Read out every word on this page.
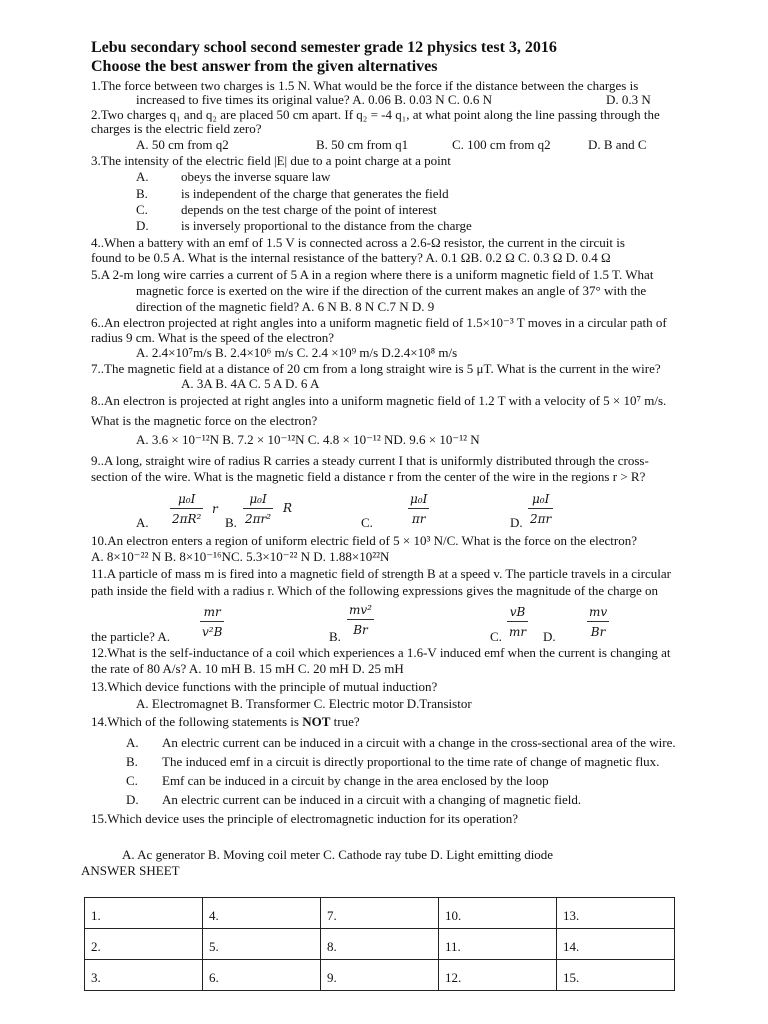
Lebu secondary school second semester grade 12 physics test 3, 2016
Choose the best answer from the given alternatives
1.The force between two charges is 1.5 N. What would be the force if the distance between the charges is
increased to five times its original value? A. 0.06 B. 0.03 N C. 0.6 N	D. 0.3 N
2.Two charges q₁ and q₂ are placed 50 cm apart. If q₂ = -4 q₁, at what point along the line passing through the
charges is the electric field zero?
A. 50 cm from q2	B. 50 cm from q1	C. 100 cm from q2	D. B and C
3.The intensity of the electric field |E| due to a point charge at a point
A. obeys the inverse square law
B.	is independent of the charge that generates the field
C.	depends on the test charge of the point of interest
D. is inversely proportional to the distance from the charge
4..When a battery with an emf of 1.5 V is connected across a 2.6-Ω resistor, the current in the circuit is
found to be 0.5 A. What is the internal resistance of the battery? A. 0.1 ΩB. 0.2 Ω C. 0.3 Ω D. 0.4 Ω
5.A 2-m long wire carries a current of 5 A in a region where there is a uniform magnetic field of 1.5 T. What
magnetic force is exerted on the wire if the direction of the current makes an angle of 37° with the
direction of the magnetic field? A. 6 N B. 8 N C.7 N D. 9
6..An electron projected at right angles into a uniform magnetic field of 1.5×10⁻³ T moves in a circular path of
radius 9 cm. What is the speed of the electron?
A. 2.4×10⁷m/s B. 2.4×10⁶ m/s C. 2.4 ×10⁹ m/s D.2.4×10⁸ m/s
7..The magnetic field at a distance of 20 cm from a long straight wire is 5 μT. What is the current in the wire?
A. 3A B. 4A C. 5 A D. 6 A
8..An electron is projected at right angles into a uniform magnetic field of 1.2 T with a velocity of 5 × 10⁷ m/s.
What is the magnetic force on the electron?
A. 3.6 × 10⁻¹²N B. 7.2 × 10⁻¹²N C. 4.8 × 10⁻¹² ND. 9.6 × 10⁻¹² N
9..A long, straight wire of radius R carries a steady current I that is uniformly distributed through the cross-
section of the wire. What is the magnetic field a distance r from the center of the wire in the regions r > R?
A.
μ₀I
2πR²
r
B.
μ₀I
2πr²
R
C.
μ₀I
πr	D.
μ₀I
2πr
10.An electron enters a region of uniform electric field of 5 × 10³ N/C. What is the force on the electron?
A. 8×10⁻²² N B. 8×10⁻¹⁶NC. 5.3×10⁻²² N D. 1.88×10²²N
11.A particle of mass m is fired into a magnetic field of strength B at a speed v. The particle travels in a circular
path inside the field with a radius r. Which of the following expressions gives the magnitude of the charge on
the particle? A.
mr
v²B	B.
mv²
Br	C.
vB
mr D.
mv
Br
12.What is the self-inductance of a coil which experiences a 1.6-V induced emf when the current is changing at
the rate of 80 A/s? A. 10 mH B. 15 mH C. 20 mH D. 25 mH
13.Which device functions with the principle of mutual induction?
A. Electromagnet B. Transformer C. Electric motor D.Transistor
14.Which of the following statements is NOT true?
A. An electric current can be induced in a circuit with a change in the cross-sectional area of the wire.
B. The induced emf in a circuit is directly proportional to the time rate of change of magnetic flux.
C. Emf can be induced in a circuit by change in the area enclosed by the loop
D. An electric current can be induced in a circuit with a changing of magnetic field.
15.Which device uses the principle of electromagnetic induction for its operation?
A. Ac generator B. Moving coil meter C. Cathode ray tube D. Light emitting diode
ANSWER SHEET
1.	4.	7.	10.	13.
2.	5.	8.	11.	14.
3.	6.	9.	12.	15.
